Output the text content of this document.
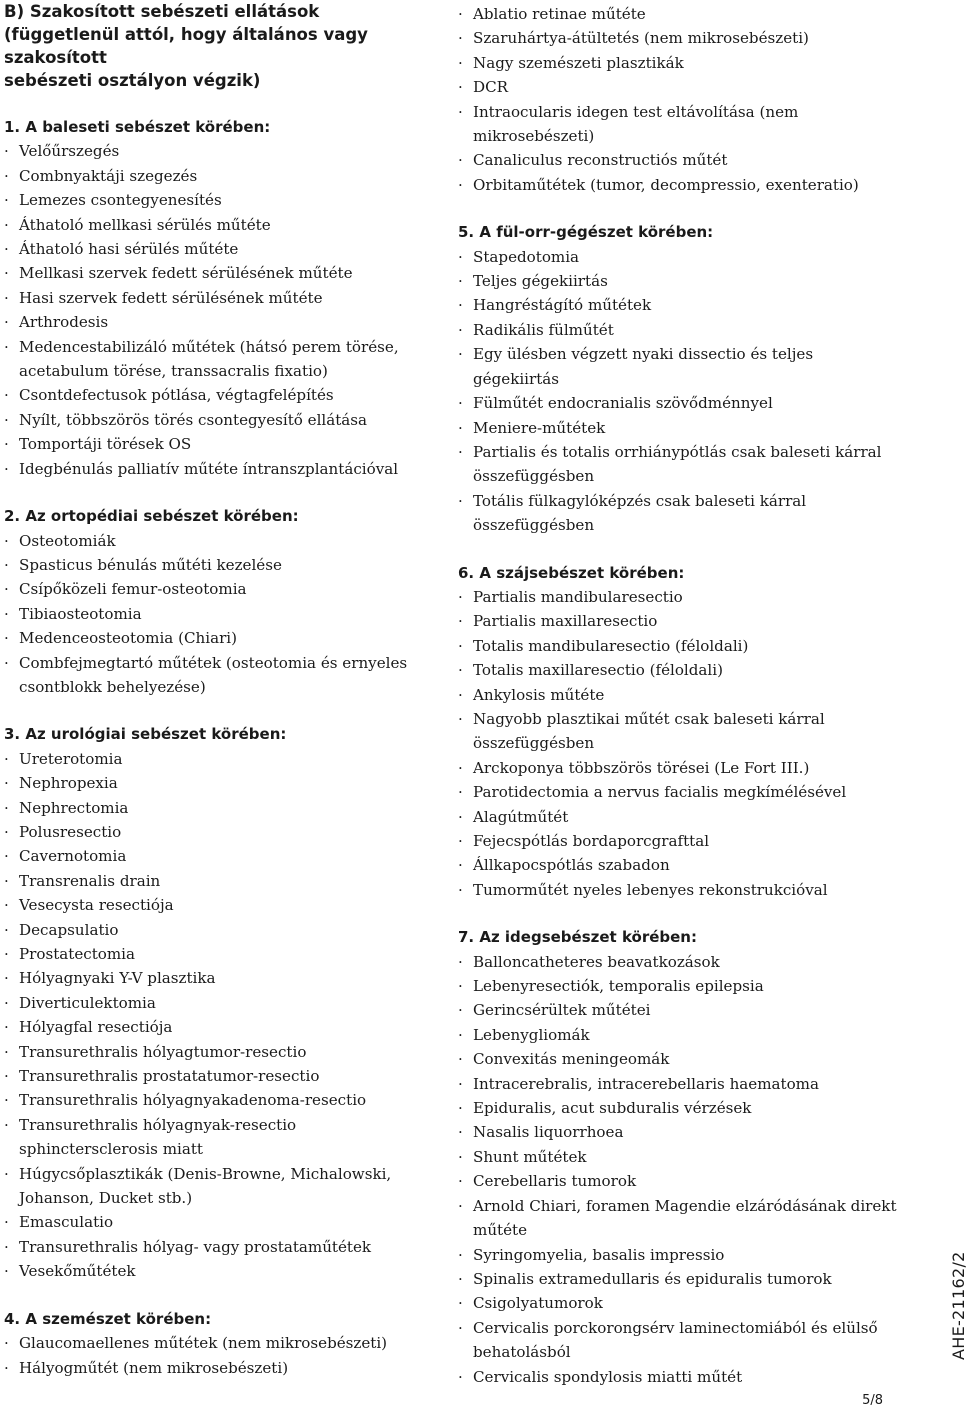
B) Szakosított sebészeti ellátások
(függetlenül attól, hogy általános vagy szakosított
sebészeti osztályon végzik)
1. A baleseti sebészet körében:
· Velőűrszegés
· Combnyaktáji szegezés
· Lemezes csontegyenesítés
· Áthatoló mellkasi sérülés műtéte
· Áthatoló hasi sérülés műtéte
· Mellkasi szervek fedett sérülésének műtéte
· Hasi szervek fedett sérülésének műtéte
· Arthrodesis
· Medencestabilizáló műtétek (hátsó perem törése, acetabulum törése, transsacralis fixatio)
· Csontdefectusok pótlása, végtagfelépítés
· Nyílt, többszörös törés csontegyesítő ellátása
· Tomportáji törések OS
· Idegbénulás palliatív műtéte íntranszplantációval
2. Az ortopédiai sebészet körében:
· Osteotomiák
· Spasticus bénulás műtéti kezelése
· Csípőközeli femur-osteotomia
· Tibiaosteotomia
· Medenceosteotomia (Chiari)
· Combfejmegtartó műtétek (osteotomia és ernyeles csontblokk behelyezése)
3. Az urológiai sebészet körében:
· Ureterotomia
· Nephropexia
· Nephrectomia
· Polusresectio
· Cavernotomia
· Transrenalis drain
· Vesecysta resectiója
· Decapsulatio
· Prostatectomia
· Hólyagnyaki Y-V plasztika
· Diverticulektomia
· Hólyagfal resectiója
· Transurethralis hólyagtumor-resectio
· Transurethralis prostatatumor-resectio
· Transurethralis hólyagnyakadenoma-resectio
· Transurethralis hólyagnyak-resectio sphinctersclerosis miatt
· Húgycsőplasztikák (Denis-Browne, Michalowski, Johanson, Ducket stb.)
· Emasculatio
· Transurethralis hólyag- vagy prostataműtétek
· Vesekőműtétek
4. A szemészet körében:
· Glaucomaellenes műtétek (nem mikrosebészeti)
· Hályogműtét (nem mikrosebészeti)
· Ablatio retinae műtéte
· Szaruhártya-átültetés (nem mikrosebészeti)
· Nagy szemészeti plasztikák
· DCR
· Intraocularis idegen test eltávolítása (nem mikrosebészeti)
· Canaliculus reconstructiós műtét
· Orbitaműtétek (tumor, decompressio, exenteratio)
5. A fül-orr-gégészet körében:
· Stapedotomia
· Teljes gégekiirtás
· Hangréstágító műtétek
· Radikális fülműtét
· Egy ülésben végzett nyaki dissectio és teljes gégekiirtás
· Fülműtét endocranialis szövődménnyel
· Meniere-műtétek
· Partialis és totalis orrhiánypótlás csak baleseti kárral összefüggésben
· Totális fülkagylóképzés csak baleseti kárral összefüggésben
6. A szájsebészet körében:
· Partialis mandibularesectio
· Partialis maxillaresectio
· Totalis mandibularesectio (féloldali)
· Totalis maxillaresectio (féloldali)
· Ankylosis műtéte
· Nagyobb plasztikai műtét csak baleseti kárral összefüggésben
· Arckoponya többszörös törései (Le Fort III.)
· Parotidectomia a nervus facialis megkímélésével
· Alagútműtét
· Fejecspótlás bordaporcgrafttal
· Állkapocspótlás szabadon
· Tumorműtét nyeles lebenyes rekonstrukcióval
7. Az idegsebészet körében:
· Balloncatheteres beavatkozások
· Lebenyresectiók, temporalis epilepsia
· Gerincsérültek műtétei
· Lebenygliomák
· Convexitás meningeomák
· Intracerebralis, intracerebellaris haematoma
· Epiduralis, acut subduralis vérzések
· Nasalis liquorrhoea
· Shunt műtétek
· Cerebellaris tumorok
· Arnold Chiari, foramen Magendie elzáródásának direkt műtéte
· Syringomyelia, basalis impressio
· Spinalis extramedullaris és epiduralis tumorok
· Csigolyatumorok
· Cervicalis porckorongsérv laminectomiából és elülső behatolásból
· Cervicalis spondylosis miatti műtét
AHE-21162/2
5/8
